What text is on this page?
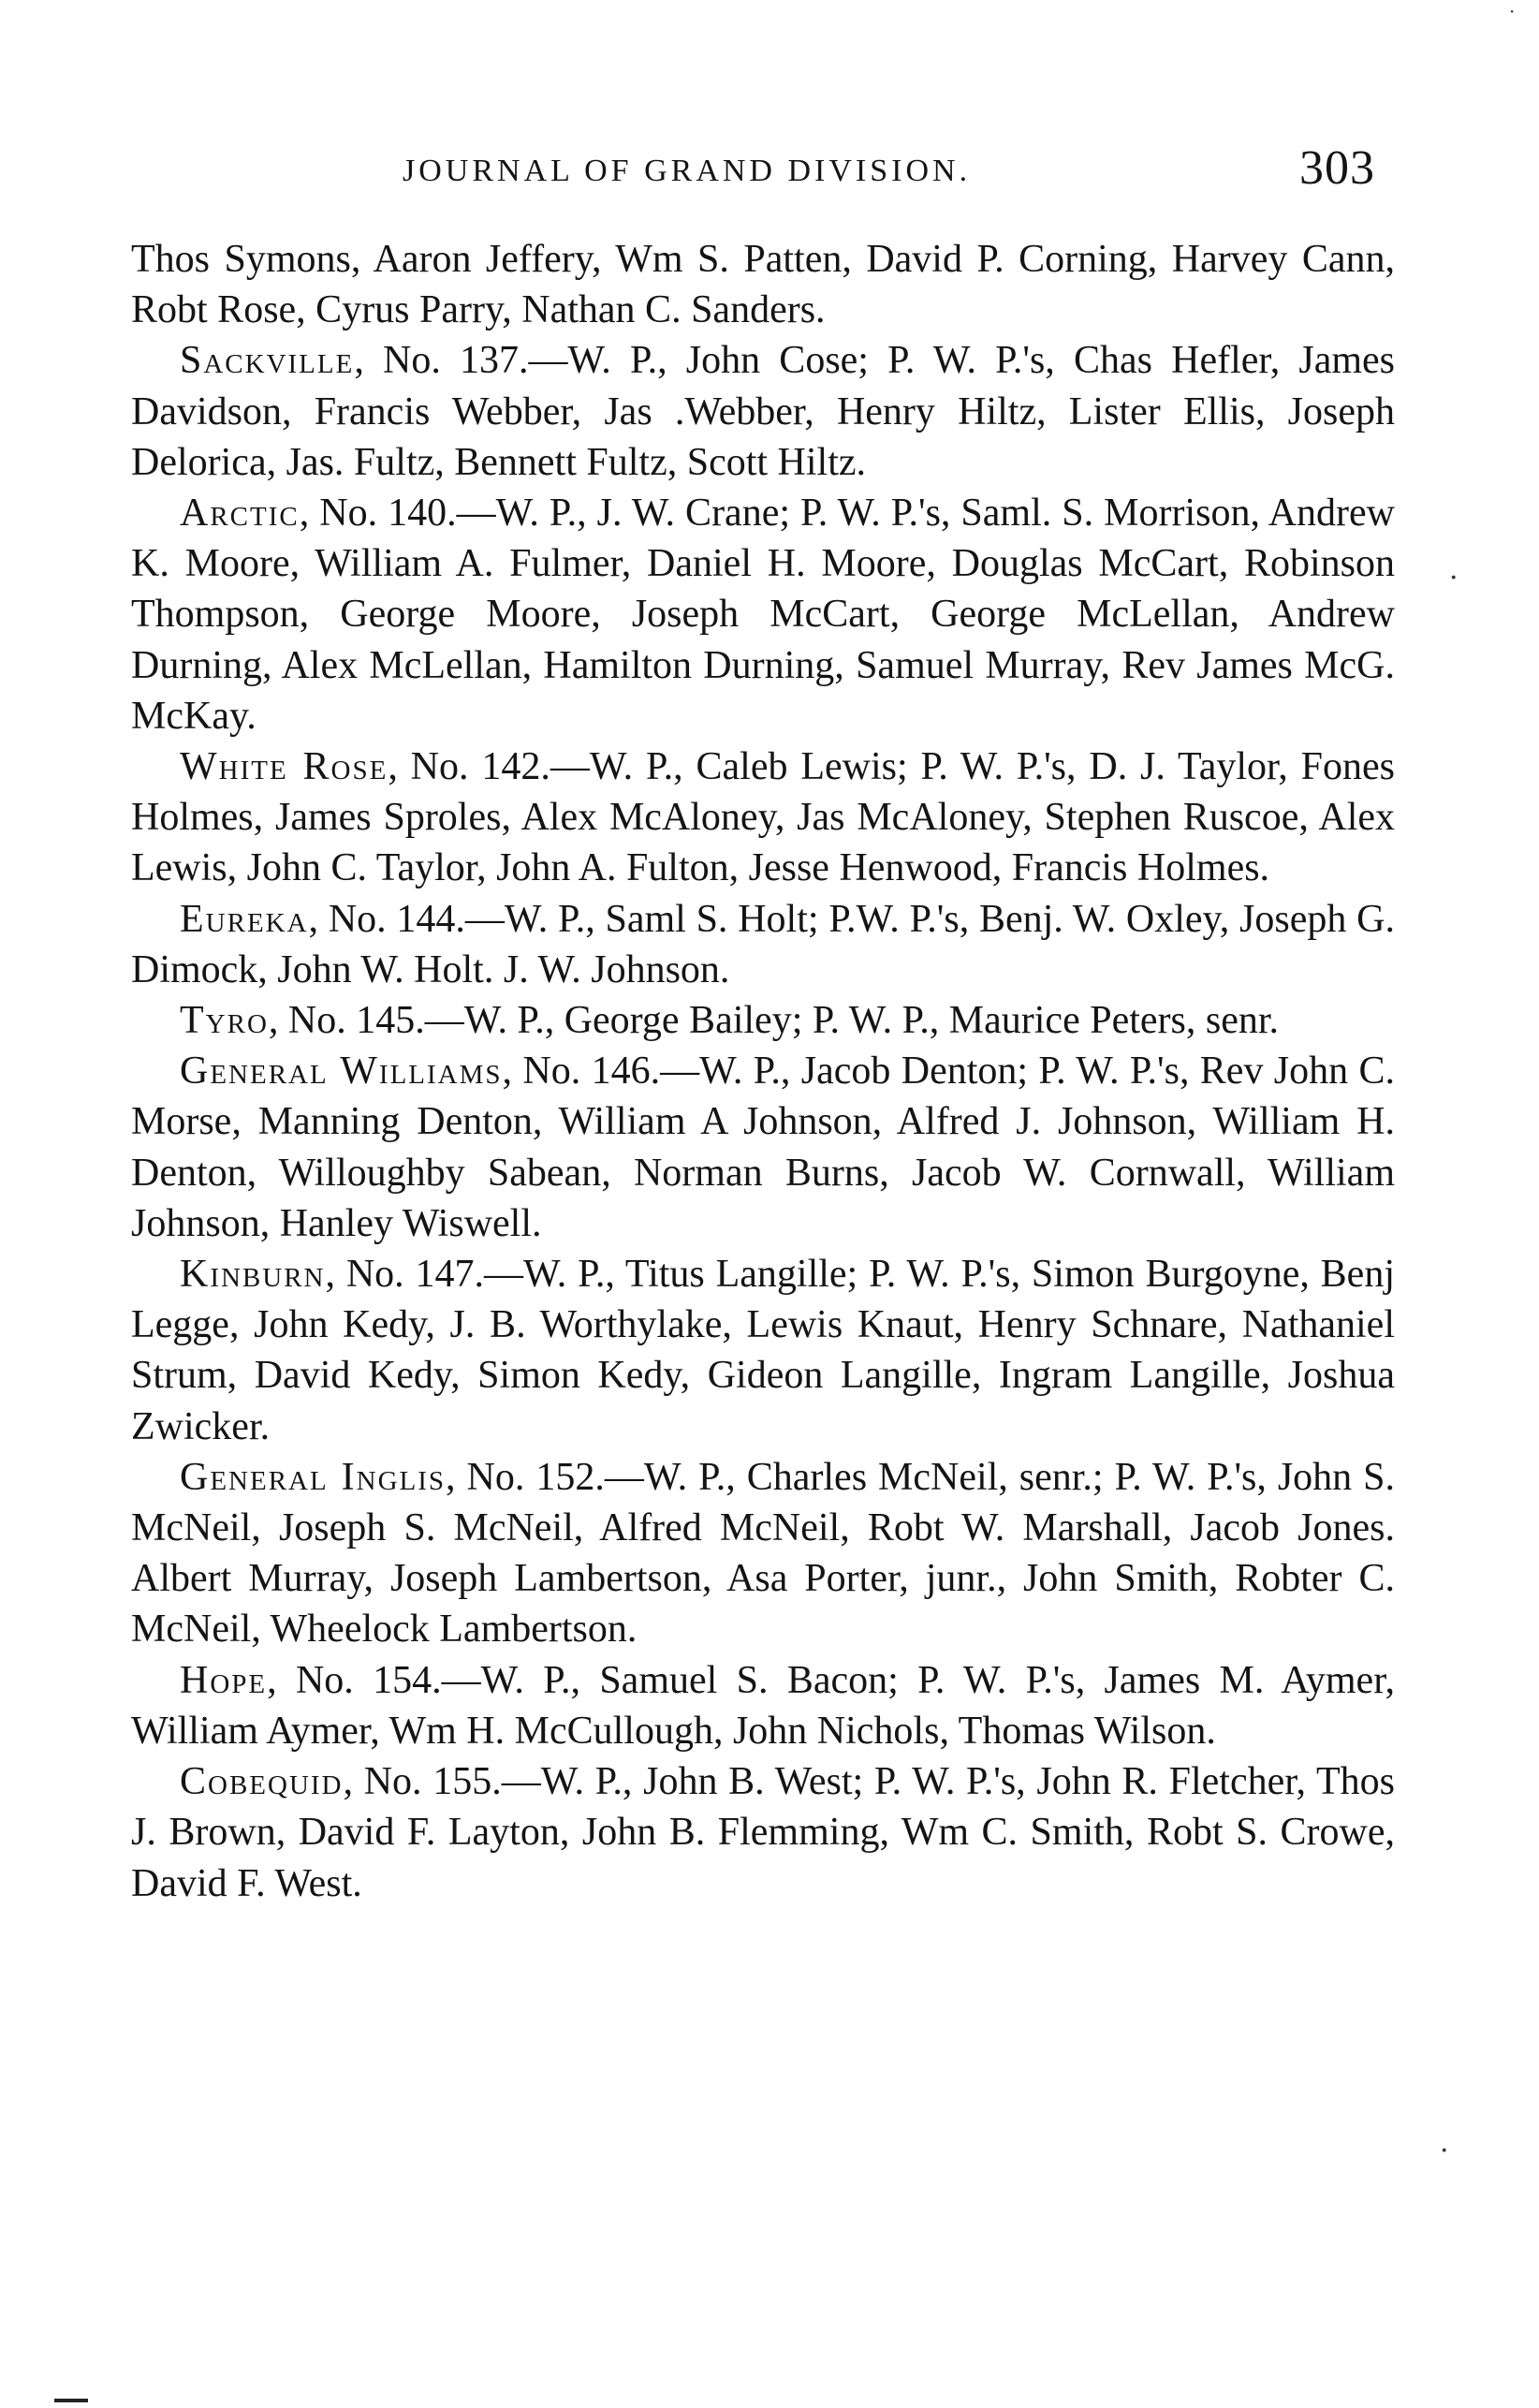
·
JOURNAL OF GRAND DIVISION.	303

Thos Symons, Aaron Jeffery, Wm S. Patten, David P. Corning, Harvey Cann, Robt Rose, Cyrus Parry, Nathan C. Sanders.

Sackville, No. 137.—W. P., John Cose; P. W. P.'s, Chas Hefler, James Davidson, Francis Webber, Jas .Webber, Henry Hiltz, Lister Ellis, Joseph Delorica, Jas. Fultz, Bennett Fultz, Scott Hiltz.

Arctic, No. 140.—W. P., J. W. Crane; P. W. P.'s, Saml. S. Morrison, Andrew K. Moore, William A. Fulmer, Daniel H. Moore, Douglas McCart, Robinson Thompson, George Moore, Joseph McCart, George McLellan, Andrew Durning, Alex McLellan, Hamilton Durning, Samuel Murray, Rev James McG. McKay.

White Rose, No. 142.—W. P., Caleb Lewis; P. W. P.'s, D. J. Taylor, Fones Holmes, James Sproles, Alex McAloney, Jas McAloney, Stephen Ruscoe, Alex Lewis, John C. Taylor, John A. Fulton, Jesse Henwood, Francis Holmes.

Eureka, No. 144.—W. P., Saml S. Holt; P.W. P.'s, Benj. W. Oxley, Joseph G. Dimock, John W. Holt. J. W. Johnson.

Tyro, No. 145.—W. P., George Bailey; P. W. P., Maurice Peters, senr.

General Williams, No. 146.—W. P., Jacob Denton; P. W. P.'s, Rev John C. Morse, Manning Denton, William A Johnson, Alfred J. Johnson, William H. Denton, Willoughby Sabean, Norman Burns, Jacob W. Cornwall, William Johnson, Hanley Wiswell.

Kinburn, No. 147.—W. P., Titus Langille; P. W. P.'s, Simon Burgoyne, Benj Legge, John Kedy, J. B. Worthylake, Lewis Knaut, Henry Schnare, Nathaniel Strum, David Kedy, Simon Kedy, Gideon Langille, Ingram Langille, Joshua Zwicker.

General Inglis, No. 152.—W. P., Charles McNeil, senr.; P. W. P.'s, John S. McNeil, Joseph S. McNeil, Alfred McNeil, Robt W. Marshall, Jacob Jones. Albert Murray, Joseph Lambertson, Asa Porter, junr., John Smith, Robter C. McNeil, Wheelock Lambertson.

Hope, No. 154.—W. P., Samuel S. Bacon; P. W. P.'s, James M. Aymer, William Aymer, Wm H. McCullough, John Nichols, Thomas Wilson.

Cobequid, No. 155.—W. P., John B. West; P. W. P.'s, John R. Fletcher, Thos J. Brown, David F. Layton, John B. Flemming, Wm C. Smith, Robt S. Crowe, David F. West.

·
·
